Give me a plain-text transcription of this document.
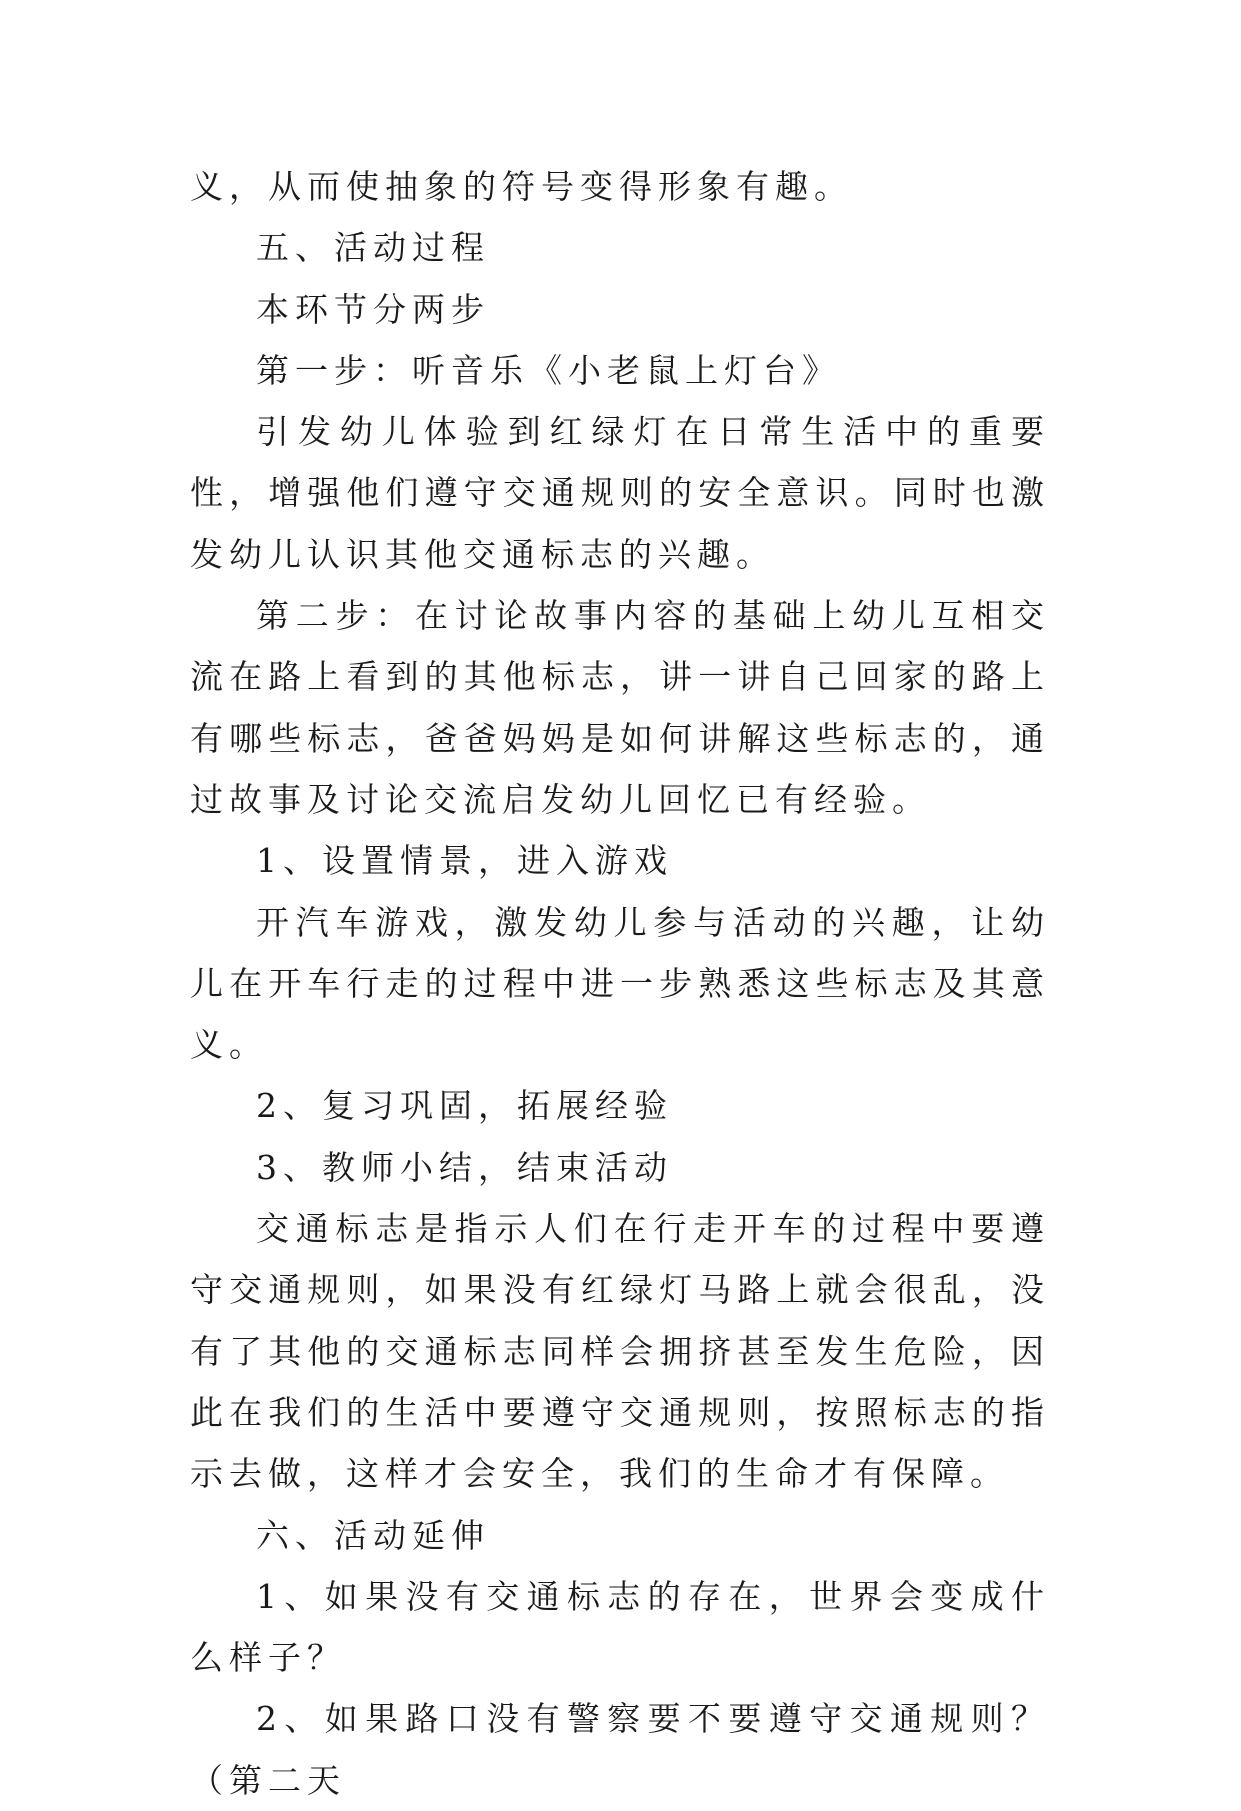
义，从而使抽象的符号变得形象有趣。

五、活动过程

本环节分两步

第一步：听音乐《小老鼠上灯台》

引发幼儿体验到红绿灯在日常生活中的重要性，增强他们遵守交通规则的安全意识。同时也激发幼儿认识其他交通标志的兴趣。

第二步：在讨论故事内容的基础上幼儿互相交流在路上看到的其他标志，讲一讲自己回家的路上有哪些标志，爸爸妈妈是如何讲解这些标志的，通过故事及讨论交流启发幼儿回忆已有经验。

1、设置情景，进入游戏

开汽车游戏，激发幼儿参与活动的兴趣，让幼儿在开车行走的过程中进一步熟悉这些标志及其意义。

2、复习巩固，拓展经验

3、教师小结，结束活动

交通标志是指示人们在行走开车的过程中要遵守交通规则，如果没有红绿灯马路上就会很乱，没有了其他的交通标志同样会拥挤甚至发生危险，因此在我们的生活中要遵守交通规则，按照标志的指示去做，这样才会安全，我们的生命才有保障。

六、活动延伸

1、如果没有交通标志的存在，世界会变成什么样子？

2、如果路口没有警察要不要遵守交通规则？（第二天
